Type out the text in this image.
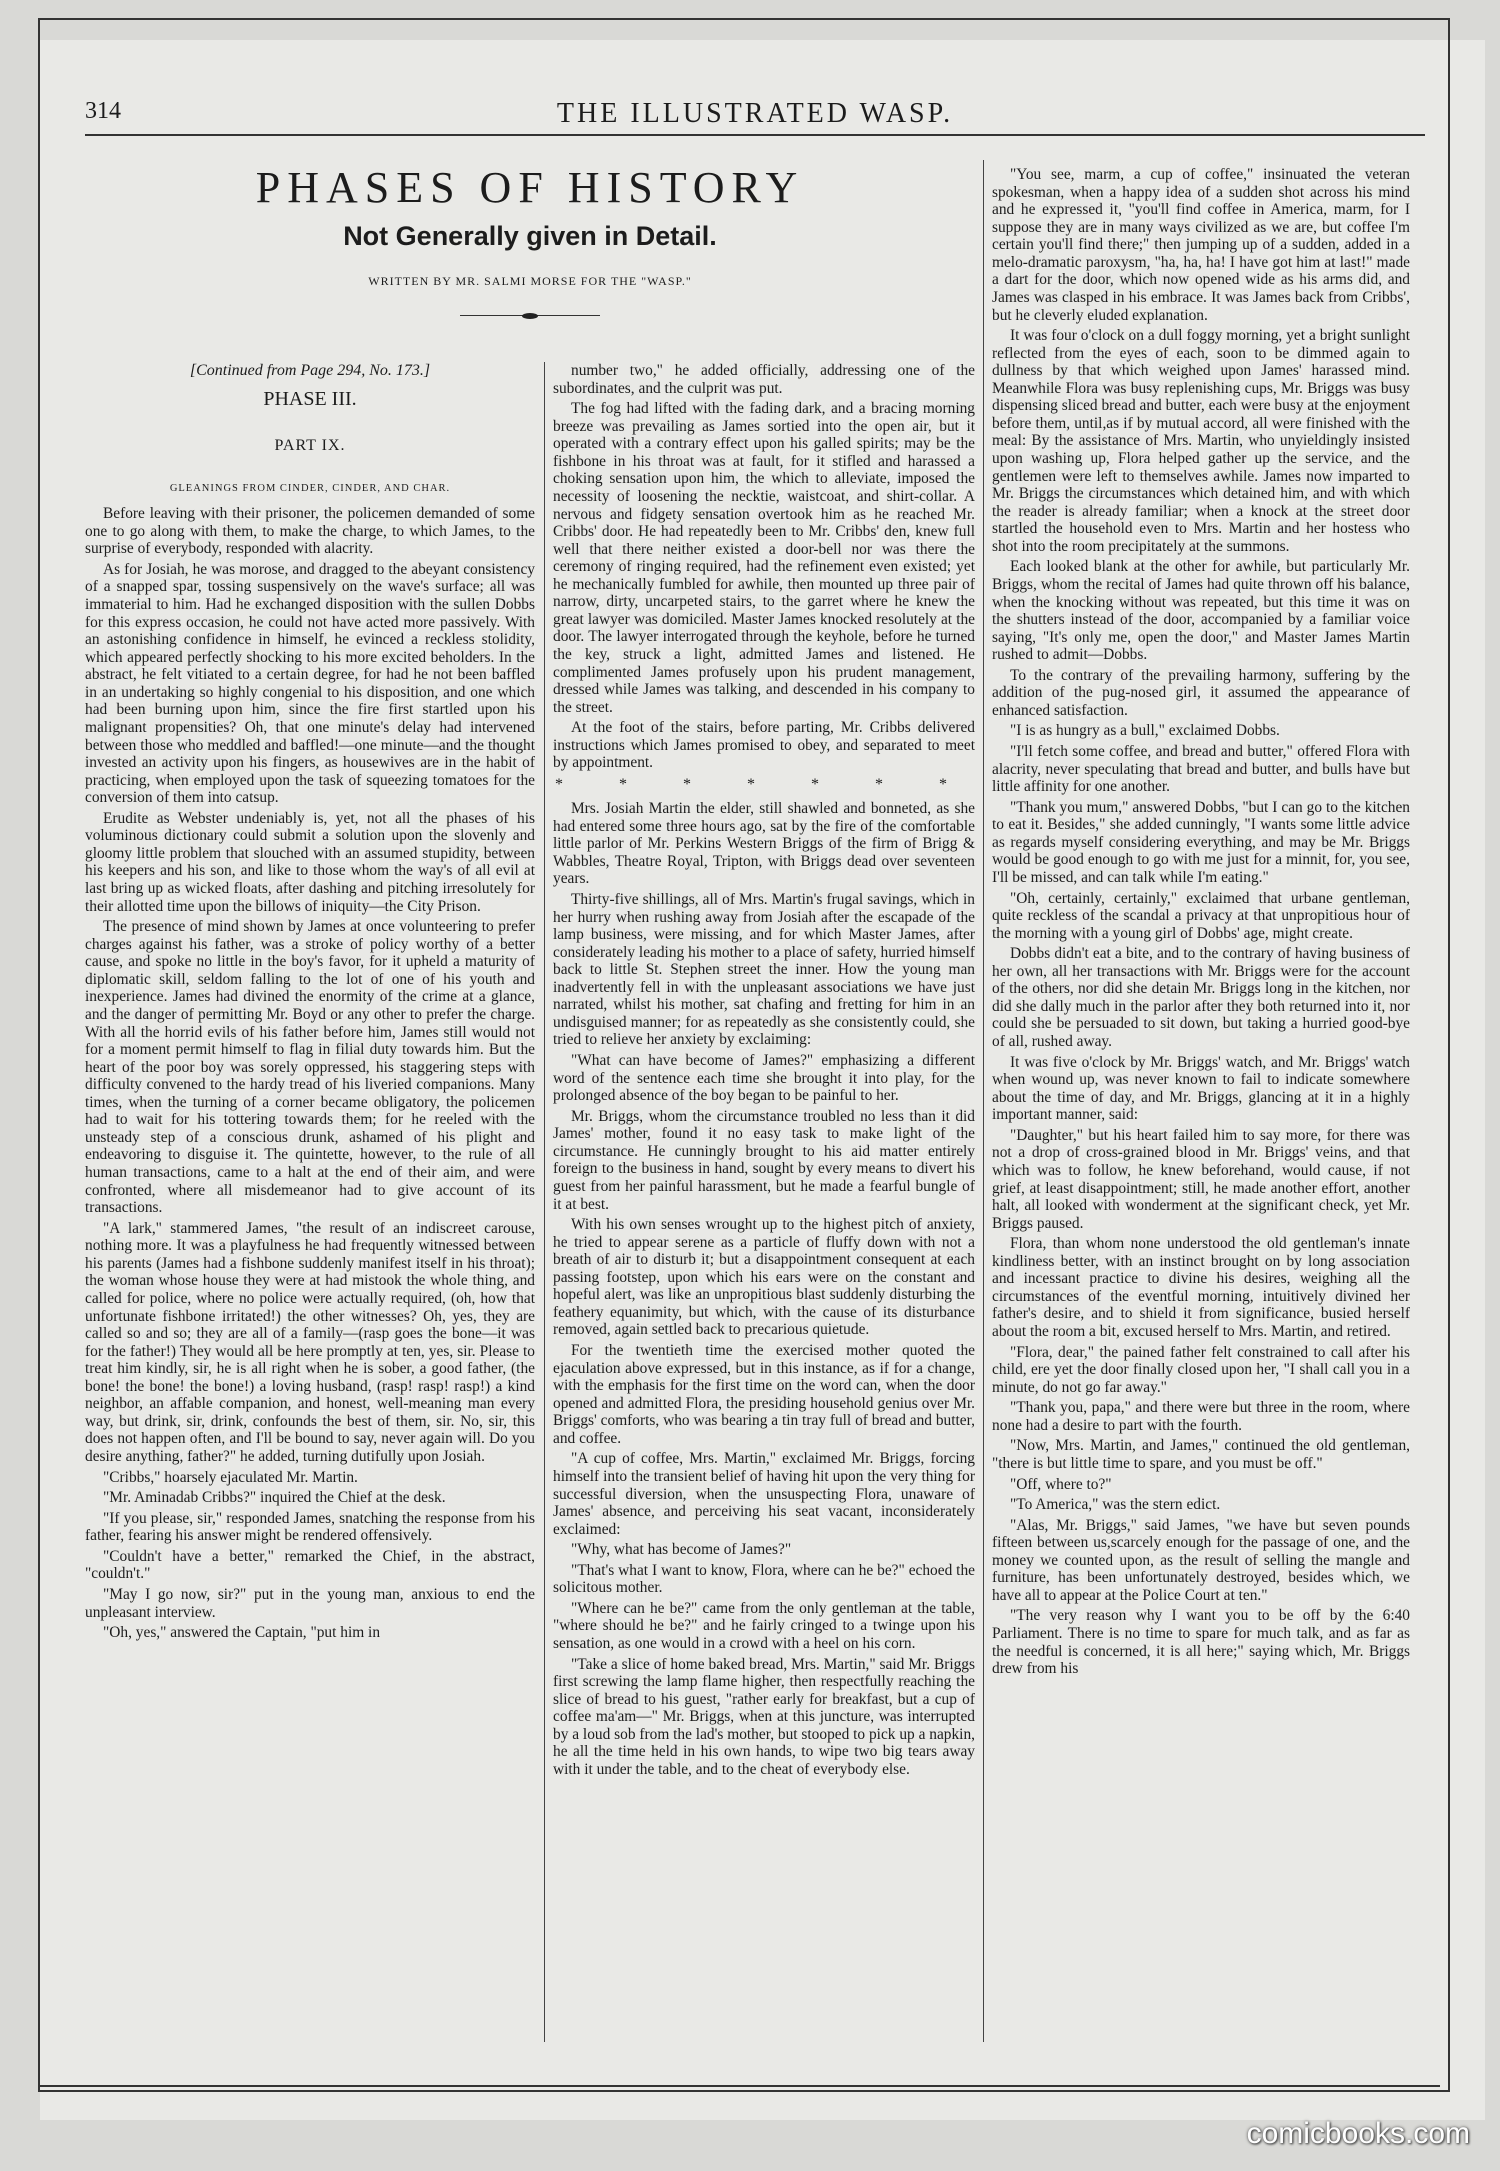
314	THE ILLUSTRATED WASP.
PHASES OF HISTORY
Not Generally given in Detail.
WRITTEN BY MR. SALMI MORSE FOR THE "WASP."
[Continued from Page 294, No. 173.]
PHASE III.
PART IX.
GLEANINGS FROM CINDER, CINDER, AND CHAR.

Before leaving with their prisoner, the policemen demanded of some one to go along with them, to make the charge, to which James, to the surprise of everybody, responded with alacrity.

As for Josiah, he was morose, and dragged to the abeyant consistency of a snapped spar, tossing suspensively on the wave's surface; all was immaterial to him. Had he exchanged disposition with the sullen Dobbs for this express occasion, he could not have acted more passively. With an astonishing confidence in himself, he evinced a reckless stolidity, which appeared perfectly shocking to his more excited beholders. In the abstract, he felt vitiated to a certain degree, for had he not been baffled in an undertaking so highly congenial to his disposition, and one which had been burning upon him, since the fire first startled upon his malignant propensities? Oh, that one minute's delay had intervened between those who meddled and baffled!—one minute—and the thought invested an activity upon his fingers, as housewives are in the habit of practicing, when employed upon the task of squeezing tomatoes for the conversion of them into catsup.

Erudite as Webster undeniably is, yet, not all the phases of his voluminous dictionary could submit a solution upon the slovenly and gloomy little problem that slouched with an assumed stupidity, between his keepers and his son, and like to those whom the way's of all evil at last bring up as wicked floats, after dashing and pitching irresolutely for their allotted time upon the billows of iniquity—the City Prison.

The presence of mind shown by James at once volunteering to prefer charges against his father, was a stroke of policy worthy of a better cause, and spoke no little in the boy's favor, for it upheld a maturity of diplomatic skill, seldom falling to the lot of one of his youth and inexperience. James had divined the enormity of the crime at a glance, and the danger of permitting Mr. Boyd or any other to prefer the charge. With all the horrid evils of his father before him, James still would not for a moment permit himself to flag in filial duty towards him. But the heart of the poor boy was sorely oppressed, his staggering steps with difficulty convened to the hardy tread of his liveried companions. Many times, when the turning of a corner became obligatory, the policemen had to wait for his tottering towards them; for he reeled with the unsteady step of a conscious drunk, ashamed of his plight and endeavoring to disguise it. The quintette, however, to the rule of all human transactions, came to a halt at the end of their aim, and were confronted, where all misdemeanor had to give account of its transactions.

"A lark," stammered James, "the result of an indiscreet carouse, nothing more. It was a playfulness he had frequently witnessed between his parents (James had a fishbone suddenly manifest itself in his throat); the woman whose house they were at had mistook the whole thing, and called for police, where no police were actually required, (oh, how that unfortunate fishbone irritated!) the other witnesses? Oh, yes, they are called so and so; they are all of a family—(rasp goes the bone—it was for the father!) They would all be here promptly at ten, yes, sir. Please to treat him kindly, sir, he is all right when he is sober, a good father, (the bone! the bone! the bone!) a loving husband, (rasp! rasp! rasp!) a kind neighbor, an affable companion, and honest, well-meaning man every way, but drink, sir, drink, confounds the best of them, sir. No, sir, this does not happen often, and I'll be bound to say, never again will. Do you desire anything, father?" he added, turning dutifully upon Josiah.

"Cribbs," hoarsely ejaculated Mr. Martin.

"Mr. Aminadab Cribbs?" inquired the Chief at the desk.

"If you please, sir," responded James, snatching the response from his father, fearing his answer might be rendered offensively.

"Couldn't have a better," remarked the Chief, in the abstract, "couldn't."

"May I go now, sir?" put in the young man, anxious to end the unpleasant interview.

"Oh, yes," answered the Captain, "put him in

number two," he added officially, addressing one of the subordinates, and the culprit was put.

The fog had lifted with the fading dark, and a bracing morning breeze was prevailing as James sortied into the open air, but it operated with a contrary effect upon his galled spirits; may be the fishbone in his throat was at fault, for it stifled and harassed a choking sensation upon him, the which to alleviate, imposed the necessity of loosening the necktie, waistcoat, and shirt-collar. A nervous and fidgety sensation overtook him as he reached Mr. Cribbs' door. He had repeatedly been to Mr. Cribbs' den, knew full well that there neither existed a door-bell nor was there the ceremony of ringing required, had the refinement even existed; yet he mechanically fumbled for awhile, then mounted up three pair of narrow, dirty, uncarpeted stairs, to the garret where he knew the great lawyer was domiciled. Master James knocked resolutely at the door. The lawyer interrogated through the keyhole, before he turned the key, struck a light, admitted James and listened. He complimented James profusely upon his prudent management, dressed while James was talking, and descended in his company to the street.

At the foot of the stairs, before parting, Mr. Cribbs delivered instructions which James promised to obey, and separated to meet by appointment.

* * * * * * *

Mrs. Josiah Martin the elder, still shawled and bonneted, as she had entered some three hours ago, sat by the fire of the comfortable little parlor of Mr. Perkins Western Briggs of the firm of Brigg & Wabbles, Theatre Royal, Tripton, with Briggs dead over seventeen years.

Thirty-five shillings, all of Mrs. Martin's frugal savings, which in her hurry when rushing away from Josiah after the escapade of the lamp business, were missing, and for which Master James, after considerately leading his mother to a place of safety, hurried himself back to little St. Stephen street the inner. How the young man inadvertently fell in with the unpleasant associations we have just narrated, whilst his mother, sat chafing and fretting for him in an undisguised manner; for as repeatedly as she consistently could, she tried to relieve her anxiety by exclaiming:

"What can have become of James?" emphasizing a different word of the sentence each time she brought it into play, for the prolonged absence of the boy began to be painful to her.

Mr. Briggs, whom the circumstance troubled no less than it did James' mother, found it no easy task to make light of the circumstance. He cunningly brought to his aid matter entirely foreign to the business in hand, sought by every means to divert his guest from her painful harassment, but he made a fearful bungle of it at best.

With his own senses wrought up to the highest pitch of anxiety, he tried to appear serene as a particle of fluffy down with not a breath of air to disturb it; but a disappointment consequent at each passing footstep, upon which his ears were on the constant and hopeful alert, was like an unpropitious blast suddenly disturbing the feathery equanimity, but which, with the cause of its disturbance removed, again settled back to precarious quietude.

For the twentieth time the exercised mother quoted the ejaculation above expressed, but in this instance, as if for a change, with the emphasis for the first time on the word can, when the door opened and admitted Flora, the presiding household genius over Mr. Briggs' comforts, who was bearing a tin tray full of bread and butter, and coffee.

"A cup of coffee, Mrs. Martin," exclaimed Mr. Briggs, forcing himself into the transient belief of having hit upon the very thing for successful diversion, when the unsuspecting Flora, unaware of James' absence, and perceiving his seat vacant, inconsiderately exclaimed:

"Why, what has become of James?"

"That's what I want to know, Flora, where can he be?" echoed the solicitous mother.

"Where can he be?" came from the only gentleman at the table, "where should he be?" and he fairly cringed to a twinge upon his sensation, as one would in a crowd with a heel on his corn.

"Take a slice of home baked bread, Mrs. Martin," said Mr. Briggs first screwing the lamp flame higher, then respectfully reaching the slice of bread to his guest, "rather early for breakfast, but a cup of coffee ma'am—" Mr. Briggs, when at this juncture, was interrupted by a loud sob from the lad's mother, but stooped to pick up a napkin, he all the time held in his own hands, to wipe two big tears away with it under the table, and to the cheat of everybody else.

"You see, marm, a cup of coffee," insinuated the veteran spokesman, when a happy idea of a sudden shot across his mind and he expressed it, "you'll find coffee in America, marm, for I suppose they are in many ways civilized as we are, but coffee I'm certain you'll find there;" then jumping up of a sudden, added in a melo-dramatic paroxysm, "ha, ha, ha! I have got him at last!" made a dart for the door, which now opened wide as his arms did, and James was clasped in his embrace. It was James back from Cribbs', but he cleverly eluded explanation.

It was four o'clock on a dull foggy morning, yet a bright sunlight reflected from the eyes of each, soon to be dimmed again to dullness by that which weighed upon James' harassed mind. Meanwhile Flora was busy replenishing cups, Mr. Briggs was busy dispensing sliced bread and butter, each were busy at the enjoyment before them, until,as if by mutual accord, all were finished with the meal: By the assistance of Mrs. Martin, who unyieldingly insisted upon washing up, Flora helped gather up the service, and the gentlemen were left to themselves awhile. James now imparted to Mr. Briggs the circumstances which detained him, and with which the reader is already familiar; when a knock at the street door startled the household even to Mrs. Martin and her hostess who shot into the room precipitately at the summons.

Each looked blank at the other for awhile, but particularly Mr. Briggs, whom the recital of James had quite thrown off his balance, when the knocking without was repeated, but this time it was on the shutters instead of the door, accompanied by a familiar voice saying, "It's only me, open the door," and Master James Martin rushed to admit—Dobbs.

To the contrary of the prevailing harmony, suffering by the addition of the pug-nosed girl, it assumed the appearance of enhanced satisfaction.

"I is as hungry as a bull," exclaimed Dobbs.

"I'll fetch some coffee, and bread and butter," offered Flora with alacrity, never speculating that bread and butter, and bulls have but little affinity for one another.

"Thank you mum," answered Dobbs, "but I can go to the kitchen to eat it. Besides," she added cunningly, "I wants some little advice as regards myself considering everything, and may be Mr. Briggs would be good enough to go with me just for a minnit, for, you see, I'll be missed, and can talk while I'm eating."

"Oh, certainly, certainly," exclaimed that urbane gentleman, quite reckless of the scandal a privacy at that unpropitious hour of the morning with a young girl of Dobbs' age, might create.

Dobbs didn't eat a bite, and to the contrary of having business of her own, all her transactions with Mr. Briggs were for the account of the others, nor did she detain Mr. Briggs long in the kitchen, nor did she dally much in the parlor after they both returned into it, nor could she be persuaded to sit down, but taking a hurried good-bye of all, rushed away.

It was five o'clock by Mr. Briggs' watch, and Mr. Briggs' watch when wound up, was never known to fail to indicate somewhere about the time of day, and Mr. Briggs, glancing at it in a highly important manner, said:

"Daughter," but his heart failed him to say more, for there was not a drop of cross-grained blood in Mr. Briggs' veins, and that which was to follow, he knew beforehand, would cause, if not grief, at least disappointment; still, he made another effort, another halt, all looked with wonderment at the significant check, yet Mr. Briggs paused.

Flora, than whom none understood the old gentleman's innate kindliness better, with an instinct brought on by long association and incessant practice to divine his desires, weighing all the circumstances of the eventful morning, intuitively divined her father's desire, and to shield it from significance, busied herself about the room a bit, excused herself to Mrs. Martin, and retired.

"Flora, dear," the pained father felt constrained to call after his child, ere yet the door finally closed upon her, "I shall call you in a minute, do not go far away."

"Thank you, papa," and there were but three in the room, where none had a desire to part with the fourth.

"Now, Mrs. Martin, and James," continued the old gentleman, "there is but little time to spare, and you must be off."

"Off, where to?"

"To America," was the stern edict.

"Alas, Mr. Briggs," said James, "we have but seven pounds fifteen between us,scarcely enough for the passage of one, and the money we counted upon, as the result of selling the mangle and furniture, has been unfortunately destroyed, besides which, we have all to appear at the Police Court at ten."

"The very reason why I want you to be off by the 6:40 Parliament. There is no time to spare for much talk, and as far as the needful is concerned, it is all here;" saying which, Mr. Briggs drew from his

comicbooks.com
